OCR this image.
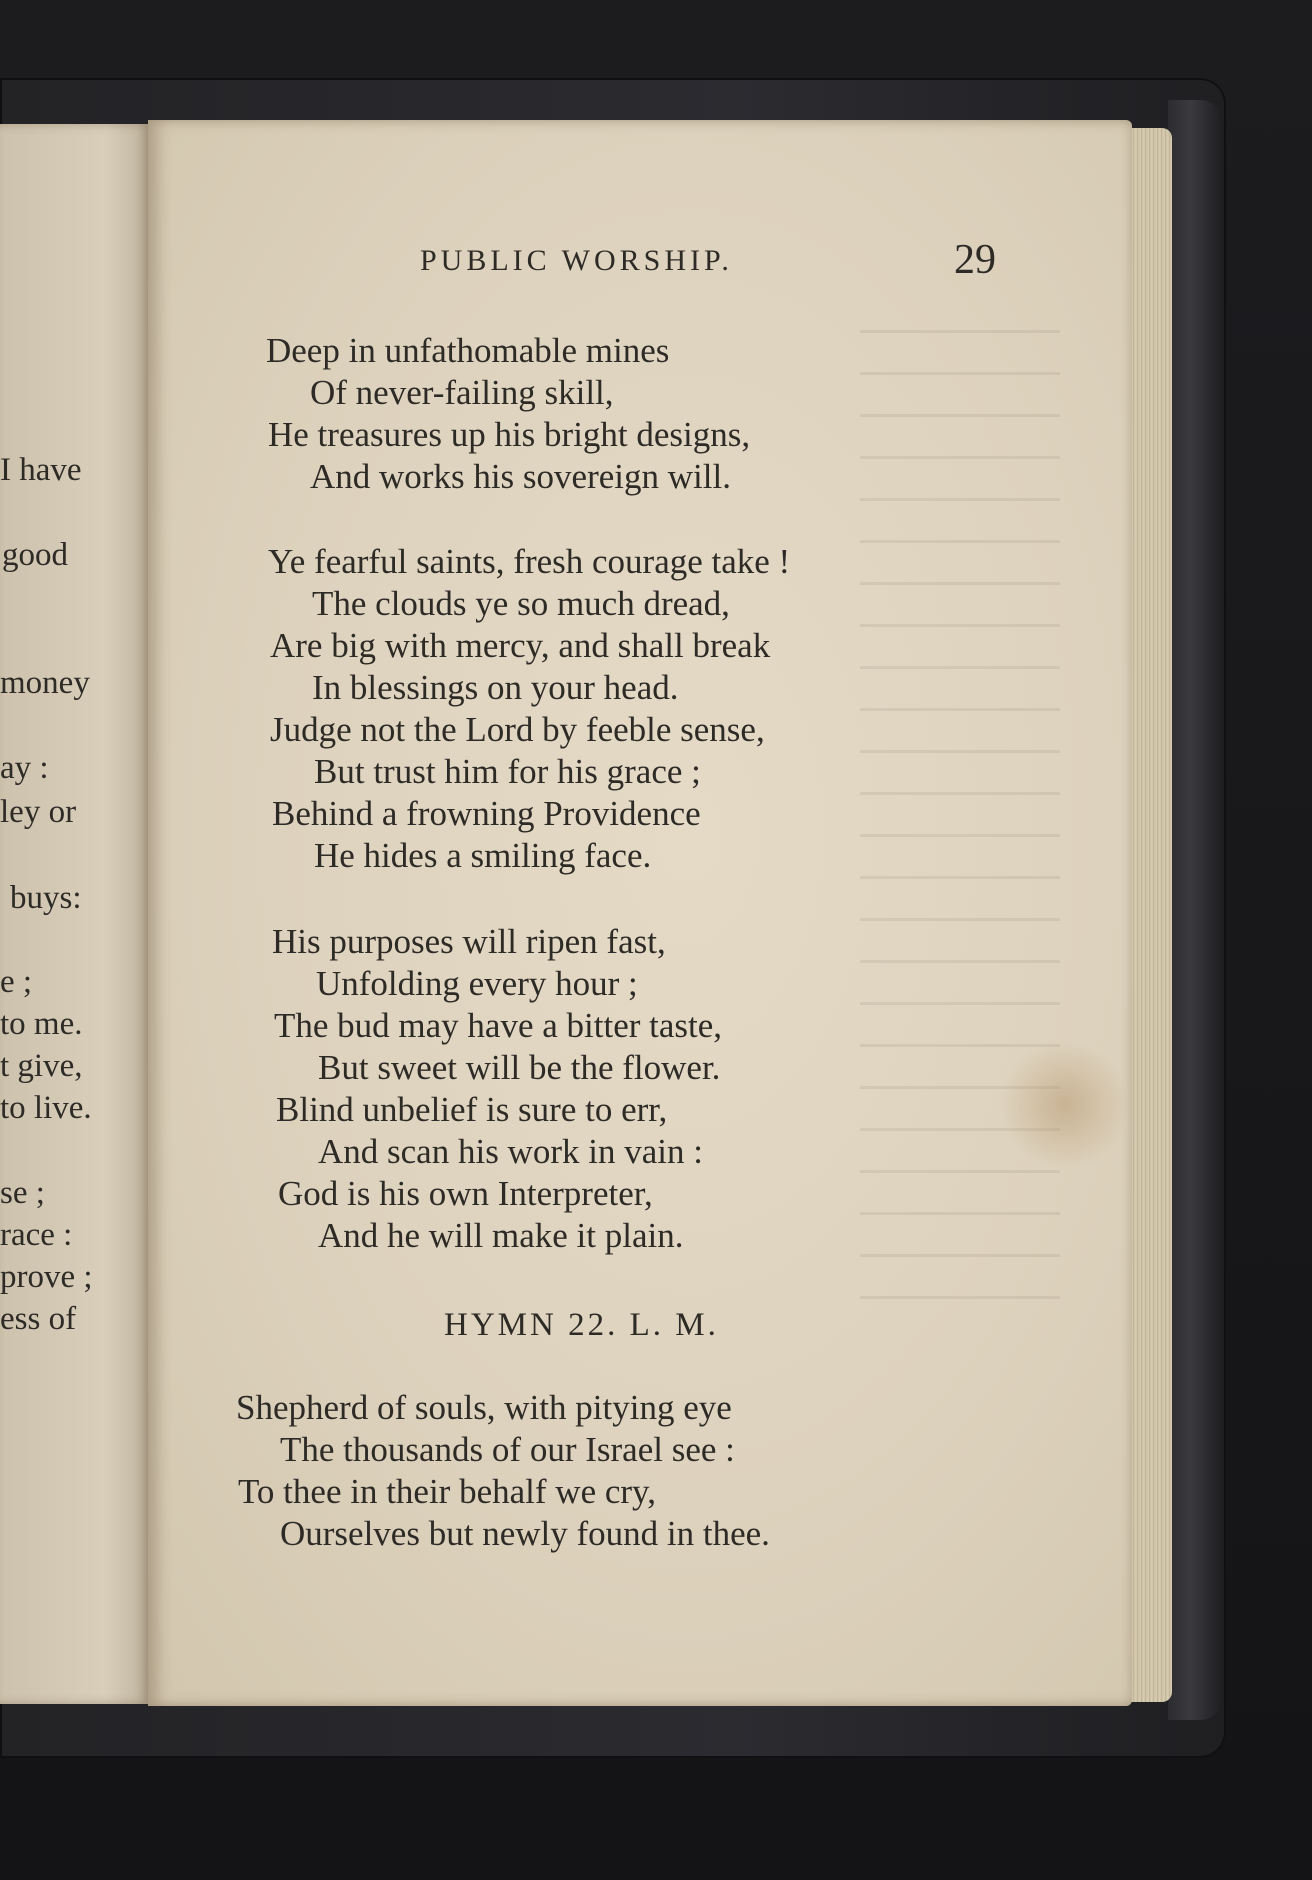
I have
good
money
ay :
ley or
buys:
e ;
to me.
t give,
to live.
se ;
race :
prove ;
ess of
PUBLIC WORSHIP.	29
Deep in unfathomable mines
Of never-failing skill,
He treasures up his bright designs,
And works his sovereign will.
Ye fearful saints, fresh courage take !
The clouds ye so much dread,
Are big with mercy, and shall break
In blessings on your head.
Judge not the Lord by feeble sense,
But trust him for his grace ;
Behind a frowning Providence
He hides a smiling face.
His purposes will ripen fast,
Unfolding every hour ;
The bud may have a bitter taste,
But sweet will be the flower.
Blind unbelief is sure to err,
And scan his work in vain :
God is his own Interpreter,
And he will make it plain.
HYMN 22. L. M.
Shepherd of souls, with pitying eye
The thousands of our Israel see :
To thee in their behalf we cry,
Ourselves but newly found in thee.
